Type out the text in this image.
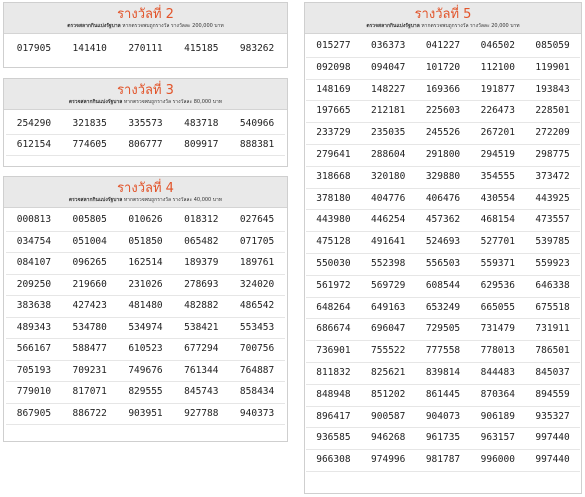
รางวัลที่ 2
ตรวจสลากกินแบ่งรัฐบาล หากตรวจพบถูกรางวัล รางวัลละ 200,000 บาท
017905	141410	270111	415185	983262
รางวัลที่ 3
ตรวจสลากกินแบ่งรัฐบาล หากตรวจพบถูกรางวัล รางวัลละ 80,000 บาท
254290	321835	335573	483718	540966
612154	774605	806777	809917	888381
รางวัลที่ 4
ตรวจสลากกินแบ่งรัฐบาล หากตรวจพบถูกรางวัล รางวัลละ 40,000 บาท
000813	005805	010626	018312	027645
034754	051004	051850	065482	071705
084107	096265	162514	189379	189761
209250	219660	231026	278693	324020
383638	427423	481480	482882	486542
489343	534780	534974	538421	553453
566167	588477	610523	677294	700756
705193	709231	749676	761344	764887
779010	817071	829555	845743	858434
867905	886722	903951	927788	940373
รางวัลที่ 5
ตรวจสลากกินแบ่งรัฐบาล หากตรวจพบถูกรางวัล รางวัลละ 20,000 บาท
015277	036373	041227	046502	085059
092098	094047	101720	112100	119901
148169	148227	169366	191877	193843
197665	212181	225603	226473	228501
233729	235035	245526	267201	272209
279641	288604	291800	294519	298775
318668	320180	329880	354555	373472
378180	404776	406476	430554	443925
443980	446254	457362	468154	473557
475128	491641	524693	527701	539785
550030	552398	556503	559371	559923
561972	569729	608544	629536	646338
648264	649163	653249	665055	675518
686674	696047	729505	731479	731911
736901	755522	777558	778013	786501
811832	825621	839814	844483	845037
848948	851202	861445	870364	894559
896417	900587	904073	906189	935327
936585	946268	961735	963157	997440
966308	974996	981787	996000	997440
